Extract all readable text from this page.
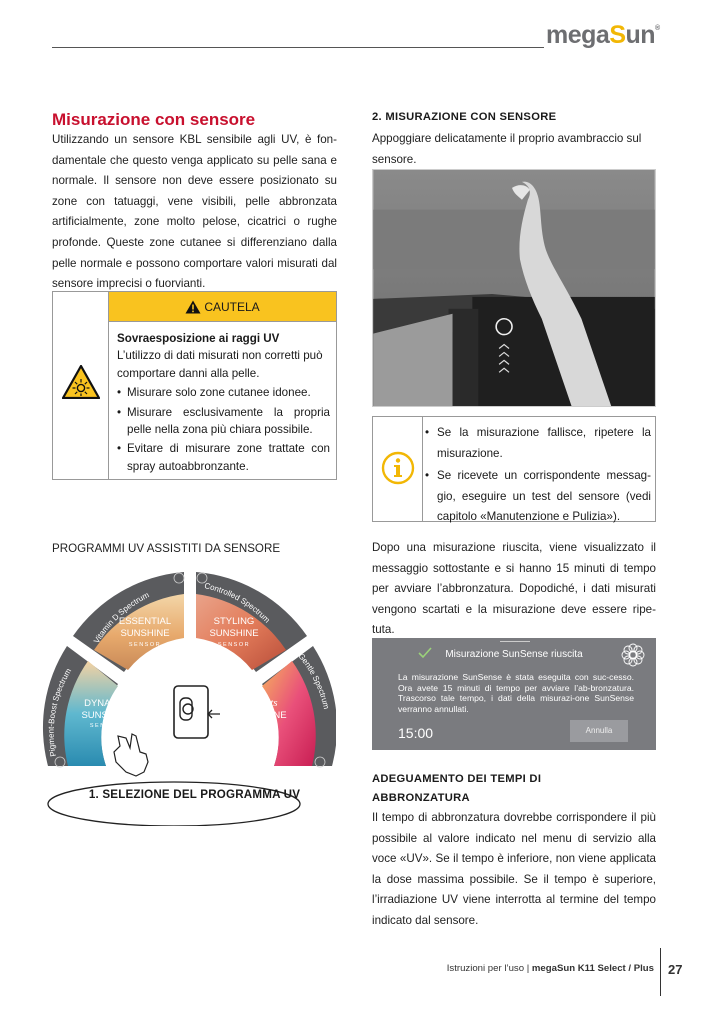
megaSun®
Misurazione con sensore
Utilizzando un sensore KBL sensibile agli UV, è fon-damentale che questo venga applicato su pelle sana e normale. Il sensore non deve essere posizionato su zone con tatuaggi, vene visibili, pelle abbronzata artificialmente, zone molto pelose, cicatrici o rughe profonde. Queste zone cutanee si differenziano dalla pelle normale e possono comportare valori misurati dal sensore imprecisi o fuorvianti.
CAUTELA
Sovraesposizione ai raggi UV
L’utilizzo di dati misurati non corretti può comportare danni alla pelle.
• Misurare solo zone cutanee idonee.
• Misurare esclusivamente la propria pelle nella zona più chiara possibile.
• Evitare di misurare zone trattate con spray autoabbronzante.
PROGRAMMI UV ASSISTITI DA SENSORE
Vitamin D Spectrum
ESSENTIAL
SUNSHINE
SENSOR
Controlled Spectrum
STYLING
SUNSHINE
SENSOR
Gentle Spectrum
moments
SUNSHINE
SENSOR
Pigment-Boost Spectrum
DYNAMIC
SUNSHINE
SENSOR
1. SELEZIONE DEL PROGRAMMA UV
2. MISURAZIONE CON SENSORE
Appoggiare delicatamente il proprio avambraccio sul sensore.
• Se la misurazione fallisce, ripetere la misurazione.
• Se ricevete un corrispondente messag-gio, eseguire un test del sensore (vedi capitolo «Manutenzione e Pulizia»).
Dopo una misurazione riuscita, viene visualizzato il messaggio sottostante e si hanno 15 minuti di tempo per avviare l’abbronzatura. Dopodiché, i dati misurati vengono scartati e la misurazione deve essere ripe-tuta.
Misurazione SunSense riuscita
La misurazione SunSense è stata eseguita con suc-cesso. Ora avete 15 minuti di tempo per avviare l’ab-bronzatura. Trascorso tale tempo, i dati della misurazi-one SunSense verranno annullati.
15:00	Annulla
ADEGUAMENTO DEI TEMPI DI
ABBRONZATURA
Il tempo di abbronzatura dovrebbe corrispondere il più possibile al valore indicato nel menu di servizio alla voce «UV». Se il tempo è inferiore, non viene applicata la dose massima possibile. Se il tempo è superiore, l’irradiazione UV viene interrotta al termine del tempo indicato dal sensore.
Istruzioni per l’uso | megaSun K11 Select / Plus 27
